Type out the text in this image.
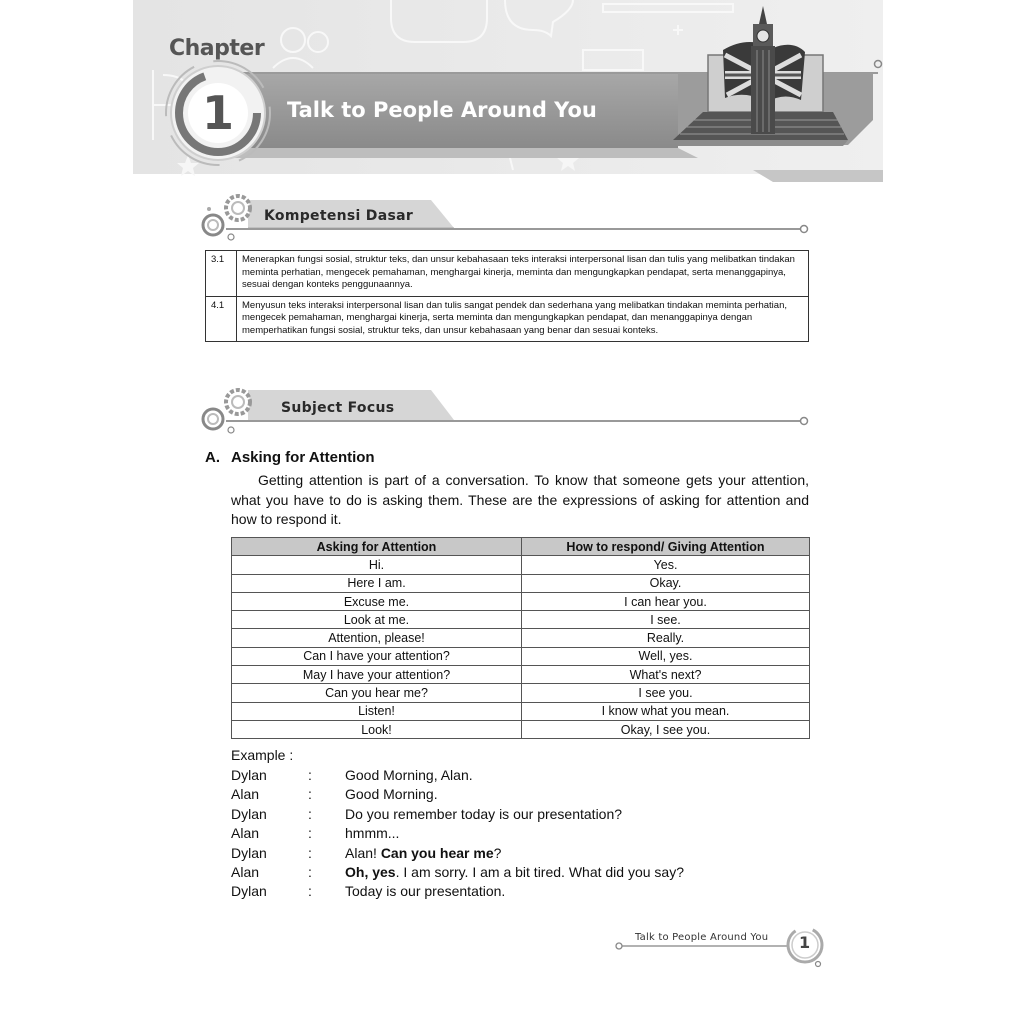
Chapter
1	Talk to People Around You
Kompetensi Dasar
3.1	Menerapkan fungsi sosial, struktur teks, dan unsur kebahasaan teks interaksi interpersonal lisan dan tulis yang melibatkan tindakan meminta perhatian, mengecek pemahaman, menghargai kinerja, meminta dan mengungkapkan pendapat, serta menanggapinya, sesuai dengan konteks penggunaannya.
4.1	Menyusun teks interaksi interpersonal lisan dan tulis sangat pendek dan sederhana yang melibatkan tindakan meminta perhatian, mengecek pemahaman, menghargai kinerja, serta meminta dan mengungkapkan pendapat, dan menanggapinya dengan memperhatikan fungsi sosial, struktur teks, dan unsur kebahasaan yang benar dan sesuai konteks.
Subject Focus
A. Asking for Attention

Getting attention is part of a conversation. To know that someone gets your attention, what you have to do is asking them. These are the expressions of asking for attention and how to respond it.

Asking for Attention	How to respond/ Giving Attention
Hi.	Yes.
Here I am.	Okay.
Excuse me.	I can hear you.
Look at me.	I see.
Attention, please!	Really.
Can I have your attention?	Well, yes.
May I have your attention?	What's next?
Can you hear me?	I see you.
Listen!	I know what you mean.
Look!	Okay, I see you.
Example :
Dylan	: Good Morning, Alan.
Alan	: Good Morning.
Dylan	: Do you remember today is our presentation?
Alan	: hmmm...
Dylan	: Alan! Can you hear me?
Alan	: Oh, yes. I am sorry. I am a bit tired. What did you say?
Dylan	: Today is our presentation.
Talk to People Around You 1
